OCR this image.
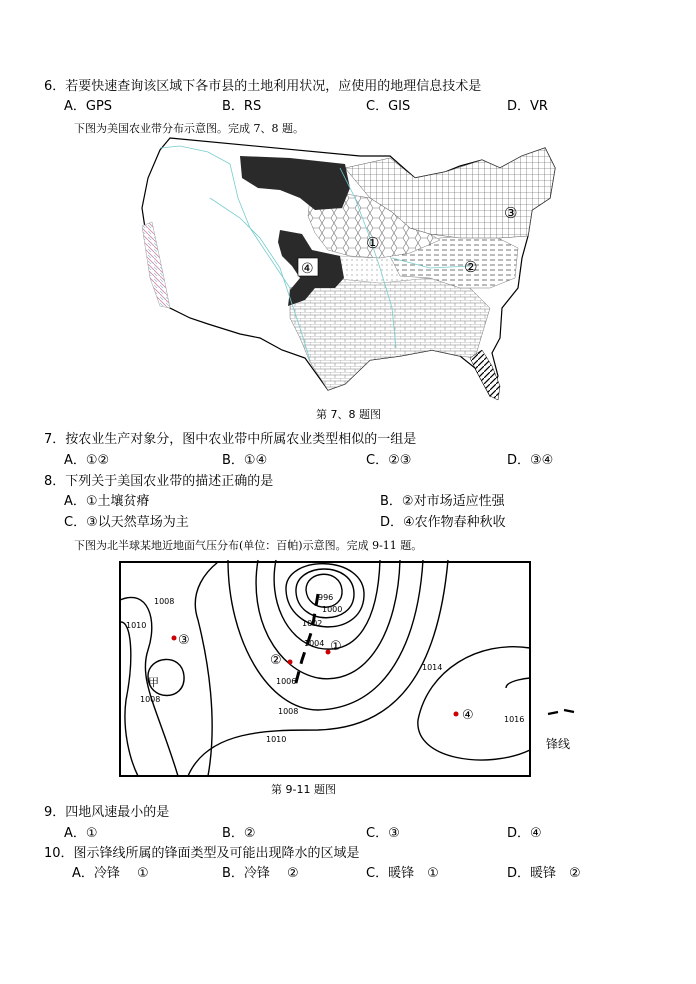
6．若要快速查询该区域下各市县的土地利用状况，应使用的地理信息技术是
A．GPS	B．RS	C．GIS	D．VR
下图为美国农业带分布示意图。完成 7、8 题。
①
②
③
④
第 7、8 题图
7．按农业生产对象分，图中农业带中所属农业类型相似的一组是
A．①②	B．①④	C．②③	D．③④
8．下列关于美国农业带的描述正确的是
A．①土壤贫瘠	B．②对市场适应性强
C．③以天然草场为主	D．④农作物春种秋收
下图为北半球某地近地面气压分布(单位：百帕)示意图。完成 9-11 题。
996
1000
1002
1004
1006
1008
1010
1014
1016
1008
1010
1008
①
②
③
④
甲
锋线
第 9-11 题图
9．四地风速最小的是
A．①	B．②	C．③	D．④
10．图示锋线所属的锋面类型及可能出现降水的区域是
A．冷锋　 ①	B．冷锋　 ②	C．暖锋　①	D．暖锋　②
